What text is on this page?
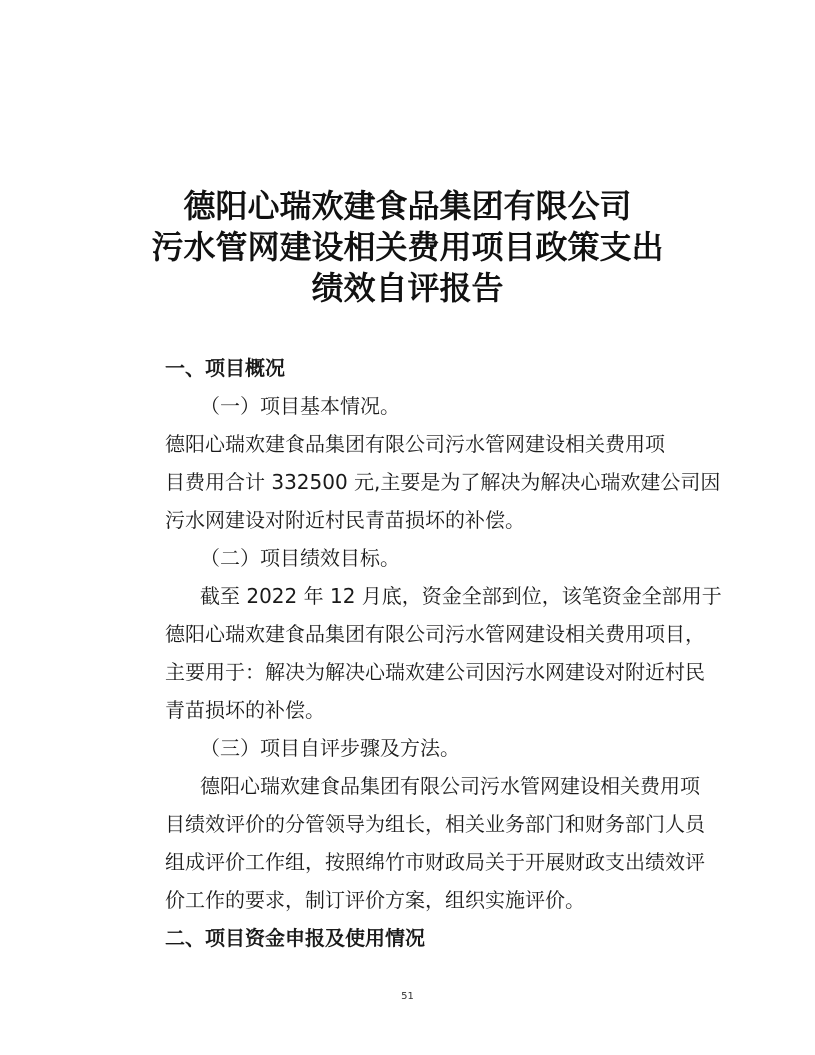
德阳心瑞欢建食品集团有限公司
污水管网建设相关费用项目政策支出
绩效自评报告
一、项目概况
（一）项目基本情况。
德阳心瑞欢建食品集团有限公司污水管网建设相关费用项
目费用合计 332500 元,主要是为了解决为解决心瑞欢建公司因
污水网建设对附近村民青苗损坏的补偿。
（二）项目绩效目标。
截至 2022 年 12 月底，资金全部到位，该笔资金全部用于
德阳心瑞欢建食品集团有限公司污水管网建设相关费用项目，
主要用于：解决为解决心瑞欢建公司因污水网建设对附近村民
青苗损坏的补偿。
（三）项目自评步骤及方法。
德阳心瑞欢建食品集团有限公司污水管网建设相关费用项
目绩效评价的分管领导为组长，相关业务部门和财务部门人员
组成评价工作组，按照绵竹市财政局关于开展财政支出绩效评
价工作的要求，制订评价方案，组织实施评价。
二、项目资金申报及使用情况
51
